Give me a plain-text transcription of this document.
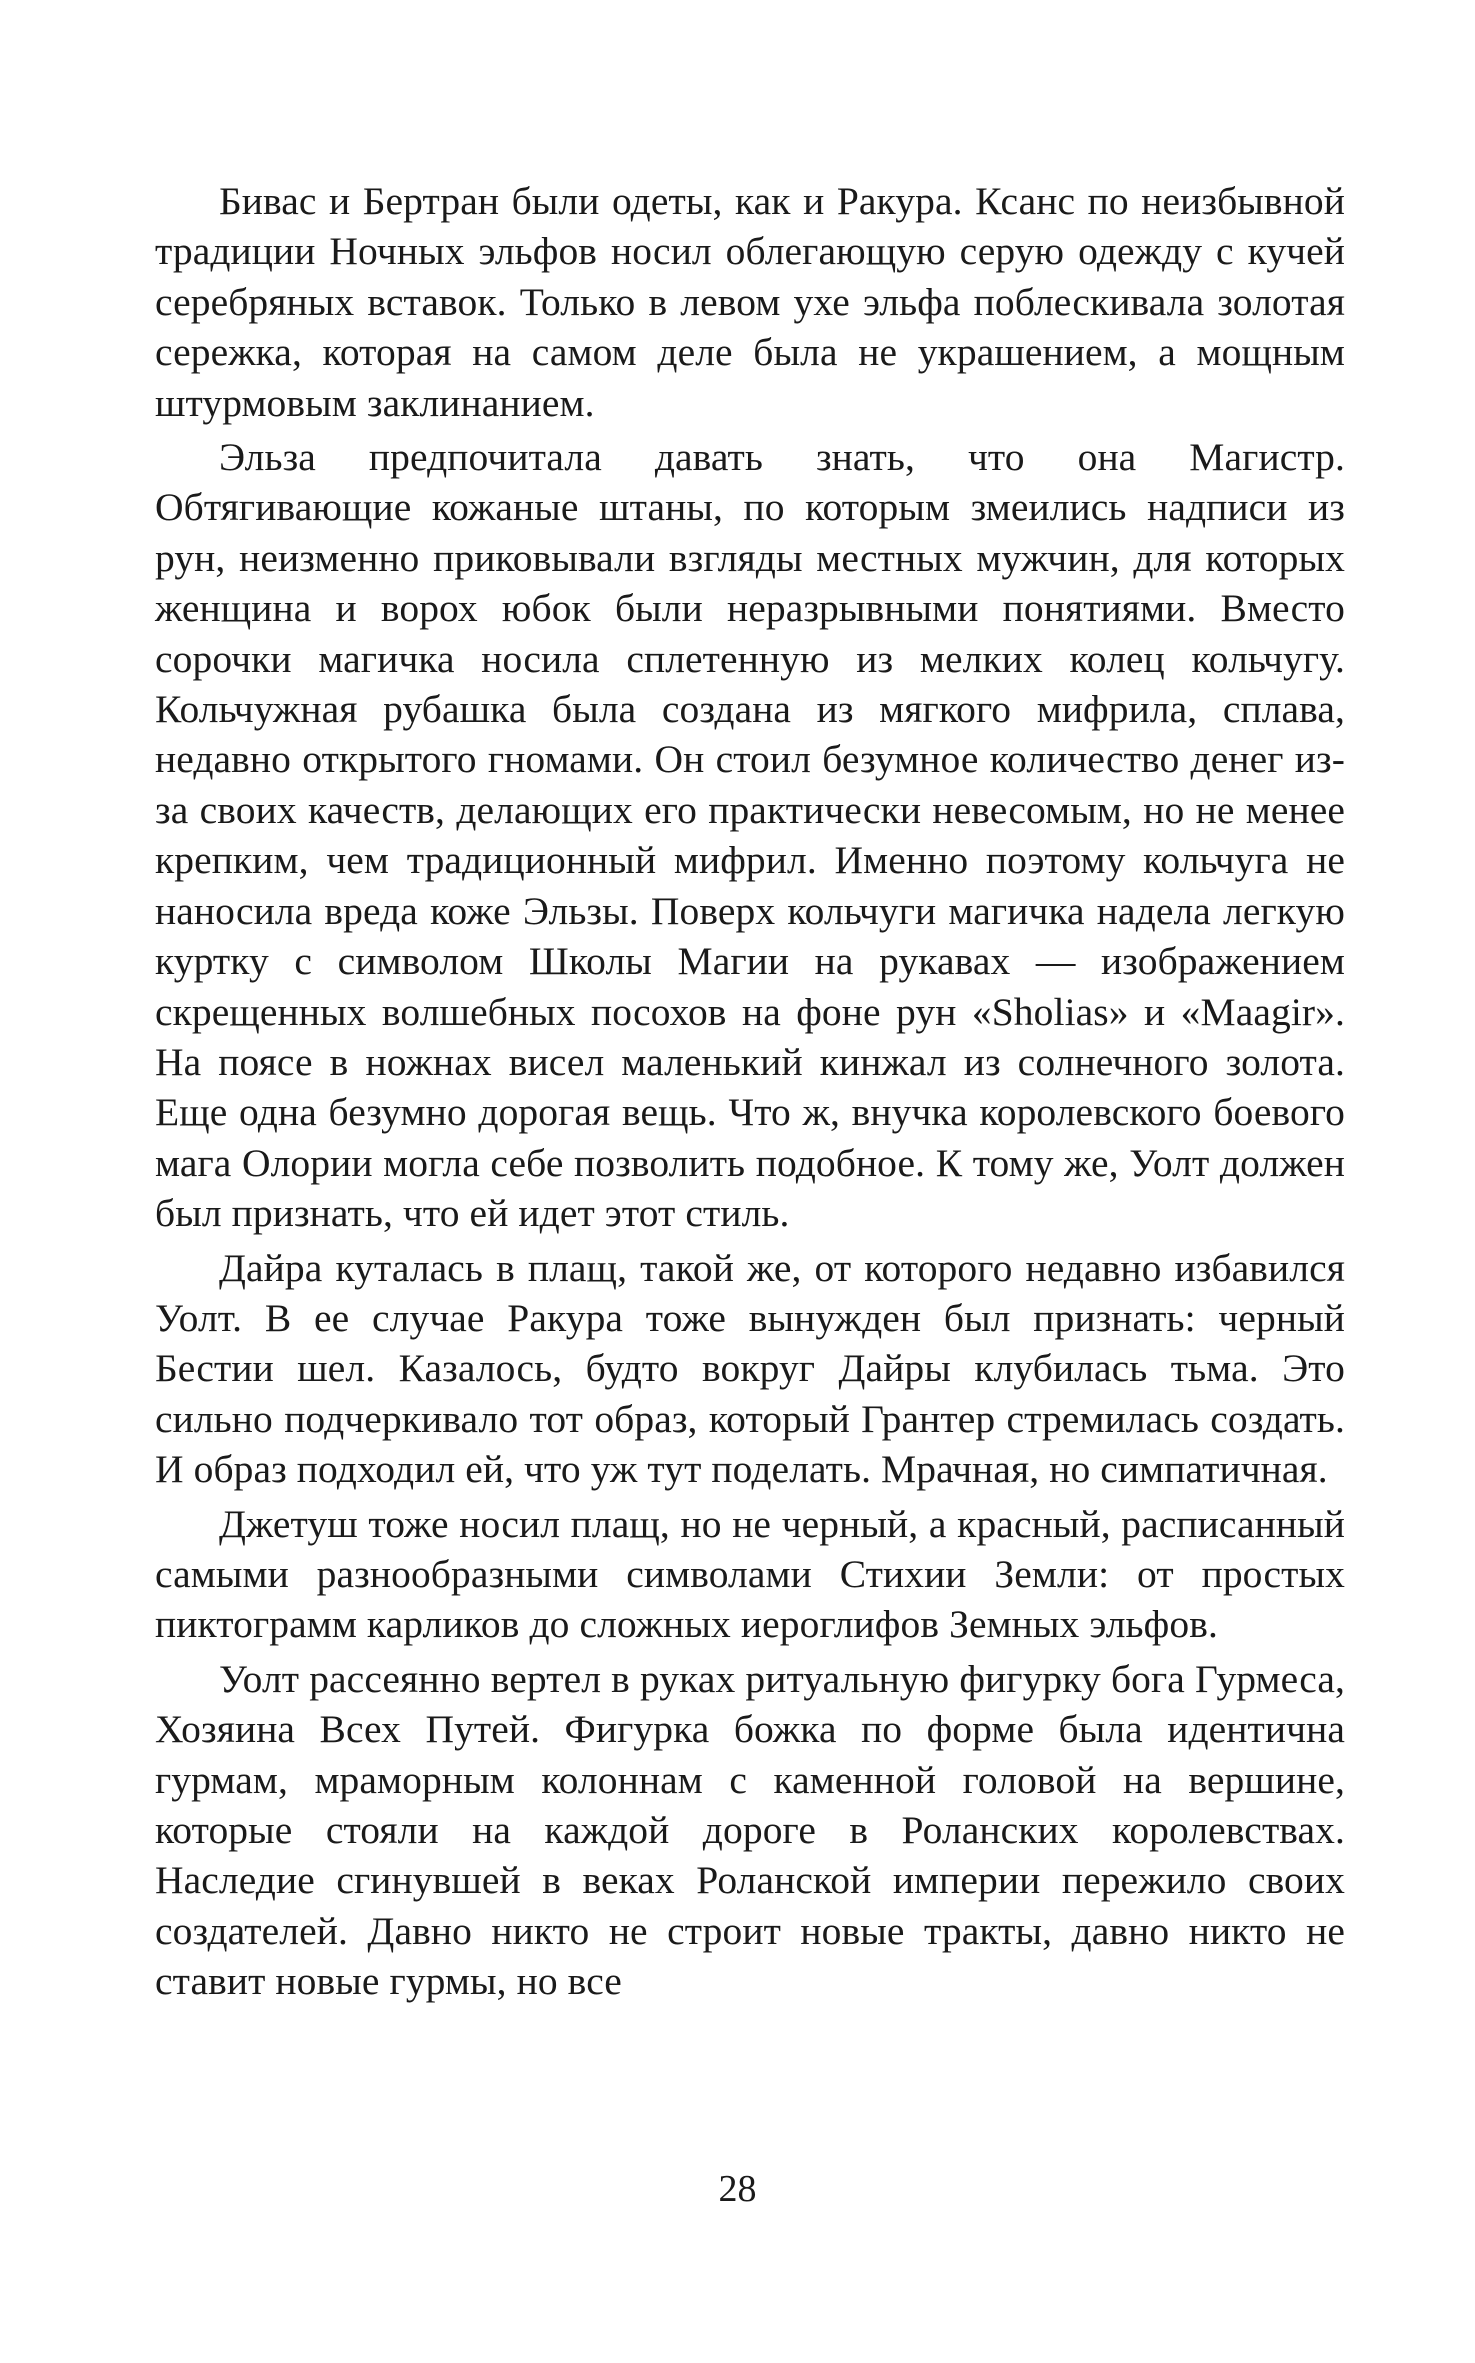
Бивас и Бертран были одеты, как и Ракура. Ксанс по неизбывной традиции Ночных эльфов носил облегающую серую одежду с кучей серебряных вставок. Только в левом ухе эльфа поблескивала золотая сережка, которая на самом деле была не украшением, а мощным штурмовым заклинанием.

Эльза предпочитала давать знать, что она Магистр. Обтягивающие кожаные штаны, по которым змеились надписи из рун, неизменно приковывали взгляды местных мужчин, для которых женщина и ворох юбок были неразрывными понятиями. Вместо сорочки магичка носила сплетенную из мелких колец кольчугу. Кольчужная рубашка была создана из мягкого мифрила, сплава, недавно открытого гномами. Он стоил безумное количество денег из-за своих качеств, делающих его практически невесомым, но не менее крепким, чем традиционный мифрил. Именно поэтому кольчуга не наносила вреда коже Эльзы. Поверх кольчуги магичка надела легкую куртку с символом Школы Магии на рукавах — изображением скрещенных волшебных посохов на фоне рун «Sholias» и «Maagir». На поясе в ножнах висел маленький кинжал из солнечного золота. Еще одна безумно дорогая вещь. Что ж, внучка королевского боевого мага Олории могла себе позволить подобное. К тому же, Уолт должен был признать, что ей идет этот стиль.

Дайра куталась в плащ, такой же, от которого недавно избавился Уолт. В ее случае Ракура тоже вынужден был признать: черный Бестии шел. Казалось, будто вокруг Дайры клубилась тьма. Это сильно подчеркивало тот образ, который Грантер стремилась создать. И образ подходил ей, что уж тут поделать. Мрачная, но симпатичная.

Джетуш тоже носил плащ, но не черный, а красный, расписанный самыми разнообразными символами Стихии Земли: от простых пиктограмм карликов до сложных иероглифов Земных эльфов.

Уолт рассеянно вертел в руках ритуальную фигурку бога Гурмеса, Хозяина Всех Путей. Фигурка божка по форме была идентична гурмам, мраморным колоннам с каменной головой на вершине, которые стояли на каждой дороге в Роланских королевствах. Наследие сгинувшей в веках Роланской империи пережило своих создателей. Давно никто не строит новые тракты, давно никто не ставит новые гурмы, но все

28
